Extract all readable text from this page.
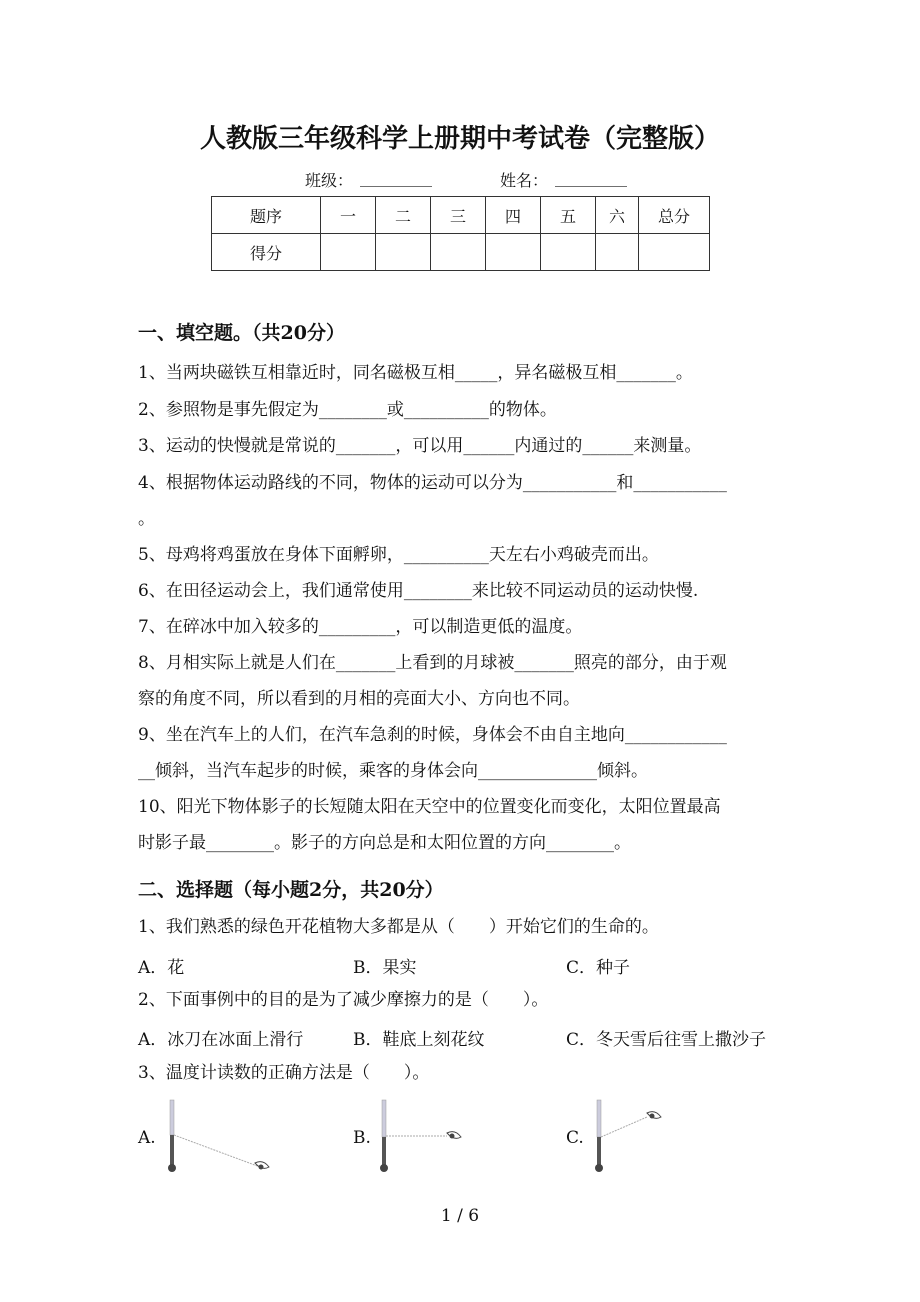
人教版三年级科学上册期中考试卷（完整版）
班级： _________	姓名： _________
题序	一	二	三	四	五	六	总分
得分							
一、填空题。（共20分）
1、当两块磁铁互相靠近时，同名磁极互相_____，异名磁极互相_______。
2、参照物是事先假定为________或__________的物体。
3、运动的快慢就是常说的_______，可以用______内通过的______来测量。
4、根据物体运动路线的不同，物体的运动可以分为___________和___________
。
5、母鸡将鸡蛋放在身体下面孵卵，__________天左右小鸡破壳而出。
6、在田径运动会上，我们通常使用________来比较不同运动员的运动快慢.
7、在碎冰中加入较多的_________，可以制造更低的温度。
8、月相实际上就是人们在_______上看到的月球被_______照亮的部分，由于观
察的角度不同，所以看到的月相的亮面大小、方向也不同。
9、坐在汽车上的人们，在汽车急刹的时候，身体会不由自主地向____________
__倾斜，当汽车起步的时候，乘客的身体会向______________倾斜。
10、阳光下物体影子的长短随太阳在天空中的位置变化而变化，太阳位置最高
时影子最________。影子的方向总是和太阳位置的方向________。
二、选择题（每小题2分，共20分）
1、我们熟悉的绿色开花植物大多都是从（　　）开始它们的生命的。
A．花	B．果实	C．种子
2、下面事例中的目的是为了减少摩擦力的是（　　）。
A．冰刀在冰面上滑行	B．鞋底上刻花纹	C．冬天雪后往雪上撒沙子
3、温度计读数的正确方法是（　　）。
A.	B.	C.
1 / 6
